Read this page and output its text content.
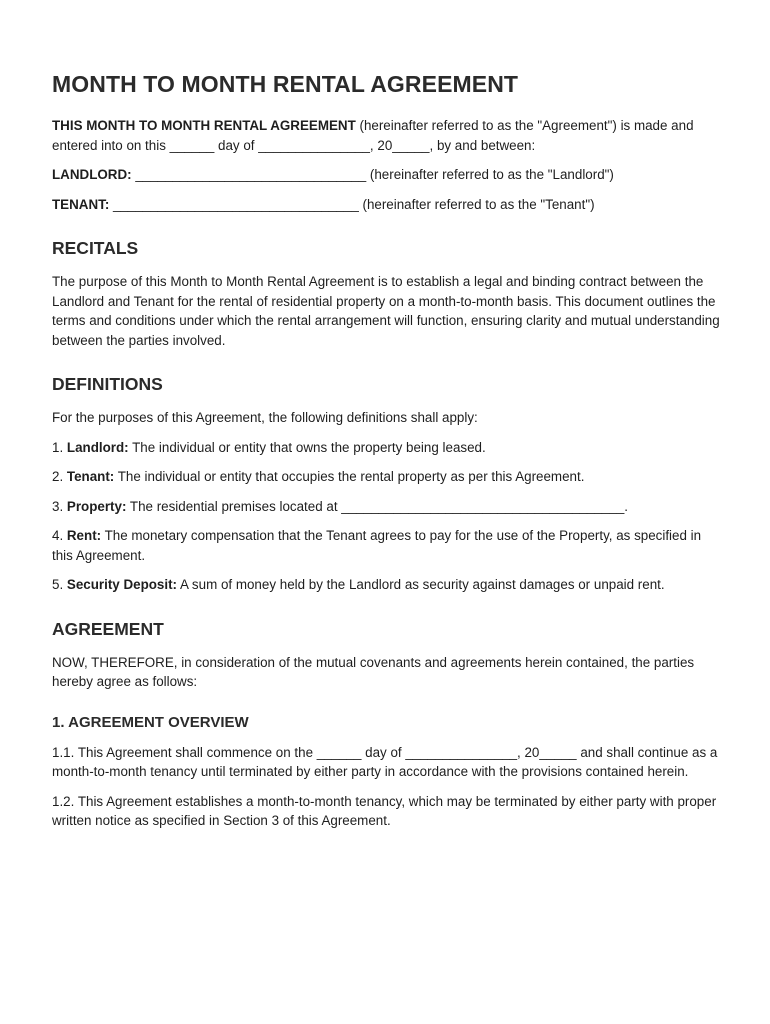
MONTH TO MONTH RENTAL AGREEMENT

THIS MONTH TO MONTH RENTAL AGREEMENT (hereinafter referred to as the "Agreement") is made and entered into on this ______ day of _______________, 20_____, by and between:

LANDLORD: _______________________________ (hereinafter referred to as the "Landlord")

TENANT: _________________________________ (hereinafter referred to as the "Tenant")

RECITALS

The purpose of this Month to Month Rental Agreement is to establish a legal and binding contract between the Landlord and Tenant for the rental of residential property on a month-to-month basis. This document outlines the terms and conditions under which the rental arrangement will function, ensuring clarity and mutual understanding between the parties involved.

DEFINITIONS

For the purposes of this Agreement, the following definitions shall apply:

1. Landlord: The individual or entity that owns the property being leased.

2. Tenant: The individual or entity that occupies the rental property as per this Agreement.

3. Property: The residential premises located at ______________________________________.

4. Rent: The monetary compensation that the Tenant agrees to pay for the use of the Property, as specified in this Agreement.

5. Security Deposit: A sum of money held by the Landlord as security against damages or unpaid rent.

AGREEMENT

NOW, THEREFORE, in consideration of the mutual covenants and agreements herein contained, the parties hereby agree as follows:

1. AGREEMENT OVERVIEW

1.1. This Agreement shall commence on the ______ day of _______________, 20_____ and shall continue as a month-to-month tenancy until terminated by either party in accordance with the provisions contained herein.

1.2. This Agreement establishes a month-to-month tenancy, which may be terminated by either party with proper written notice as specified in Section 3 of this Agreement.
